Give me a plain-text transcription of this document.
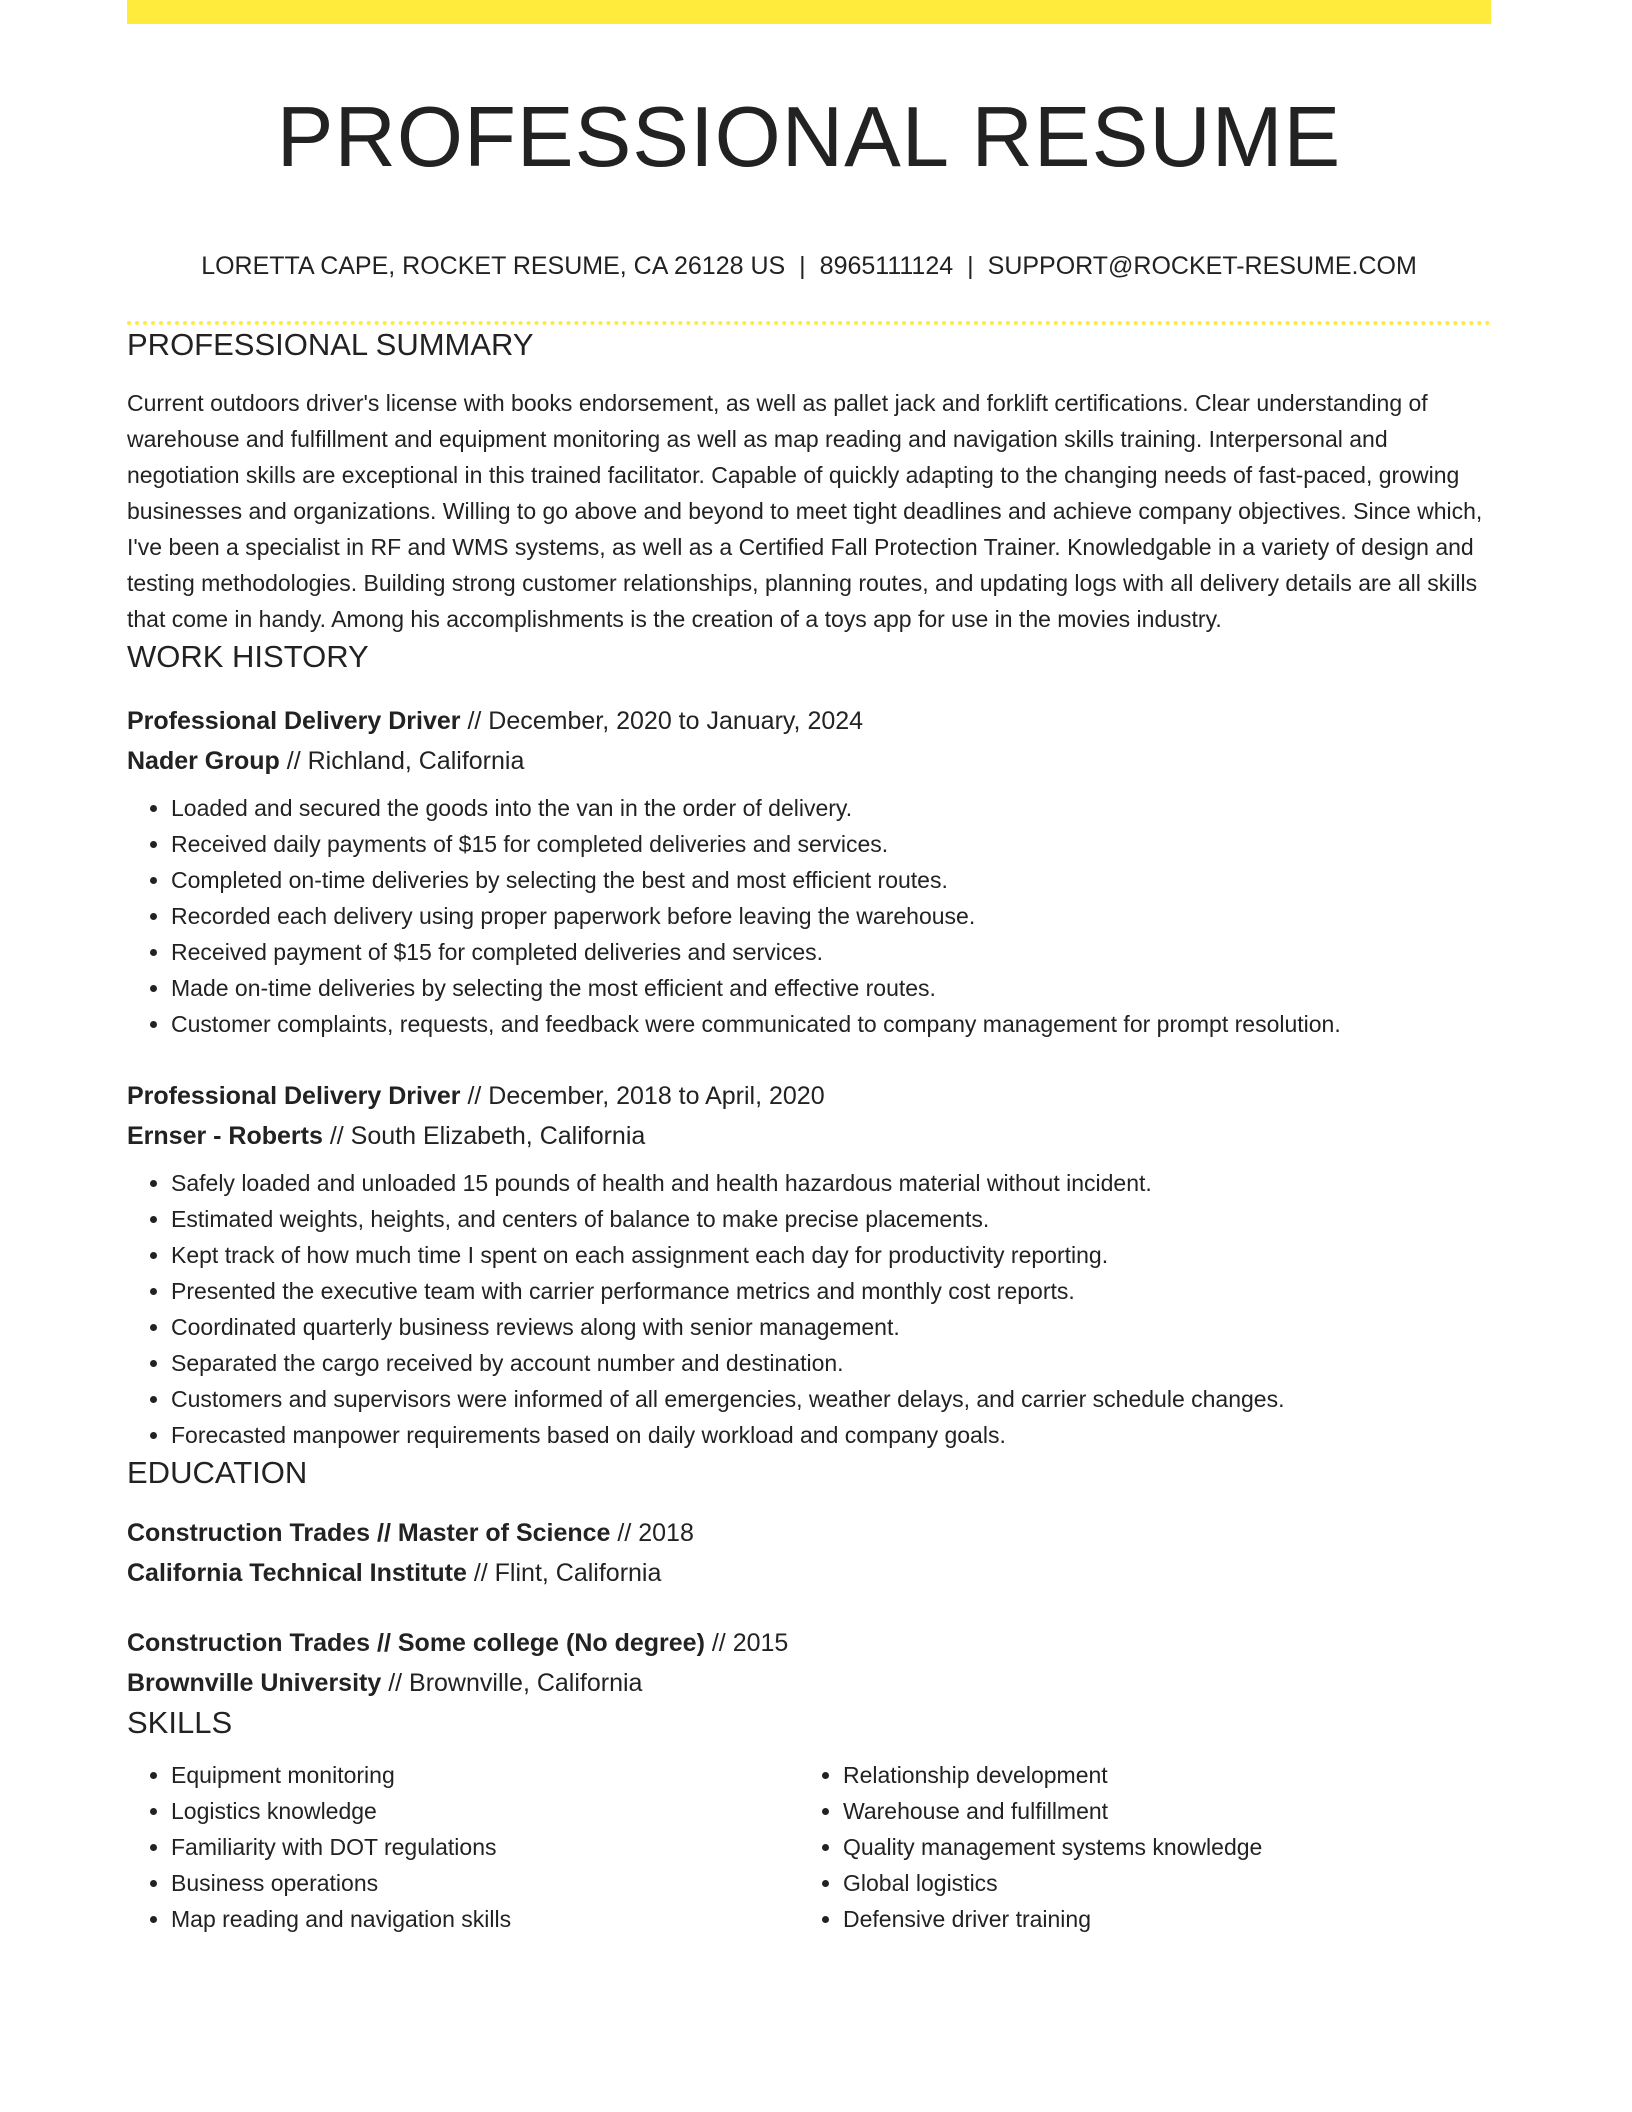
PROFESSIONAL RESUME
LORETTA CAPE, ROCKET RESUME, CA 26128 US | 8965111124 | SUPPORT@ROCKET-RESUME.COM
PROFESSIONAL SUMMARY
Current outdoors driver's license with books endorsement, as well as pallet jack and forklift certifications. Clear understanding of warehouse and fulfillment and equipment monitoring as well as map reading and navigation skills training. Interpersonal and negotiation skills are exceptional in this trained facilitator. Capable of quickly adapting to the changing needs of fast-paced, growing businesses and organizations. Willing to go above and beyond to meet tight deadlines and achieve company objectives. Since which, I've been a specialist in RF and WMS systems, as well as a Certified Fall Protection Trainer. Knowledgable in a variety of design and testing methodologies. Building strong customer relationships, planning routes, and updating logs with all delivery details are all skills that come in handy. Among his accomplishments is the creation of a toys app for use in the movies industry.
WORK HISTORY
Professional Delivery Driver // December, 2020 to January, 2024
Nader Group // Richland, California
• Loaded and secured the goods into the van in the order of delivery.
• Received daily payments of $15 for completed deliveries and services.
• Completed on-time deliveries by selecting the best and most efficient routes.
• Recorded each delivery using proper paperwork before leaving the warehouse.
• Received payment of $15 for completed deliveries and services.
• Made on-time deliveries by selecting the most efficient and effective routes.
• Customer complaints, requests, and feedback were communicated to company management for prompt resolution.
Professional Delivery Driver // December, 2018 to April, 2020
Ernser - Roberts // South Elizabeth, California
• Safely loaded and unloaded 15 pounds of health and health hazardous material without incident.
• Estimated weights, heights, and centers of balance to make precise placements.
• Kept track of how much time I spent on each assignment each day for productivity reporting.
• Presented the executive team with carrier performance metrics and monthly cost reports.
• Coordinated quarterly business reviews along with senior management.
• Separated the cargo received by account number and destination.
• Customers and supervisors were informed of all emergencies, weather delays, and carrier schedule changes.
• Forecasted manpower requirements based on daily workload and company goals.
EDUCATION
Construction Trades // Master of Science // 2018
California Technical Institute // Flint, California
Construction Trades // Some college (No degree) // 2015
Brownville University // Brownville, California
SKILLS
• Equipment monitoring
• Logistics knowledge
• Familiarity with DOT regulations
• Business operations
• Map reading and navigation skills
• Relationship development
• Warehouse and fulfillment
• Quality management systems knowledge
• Global logistics
• Defensive driver training
